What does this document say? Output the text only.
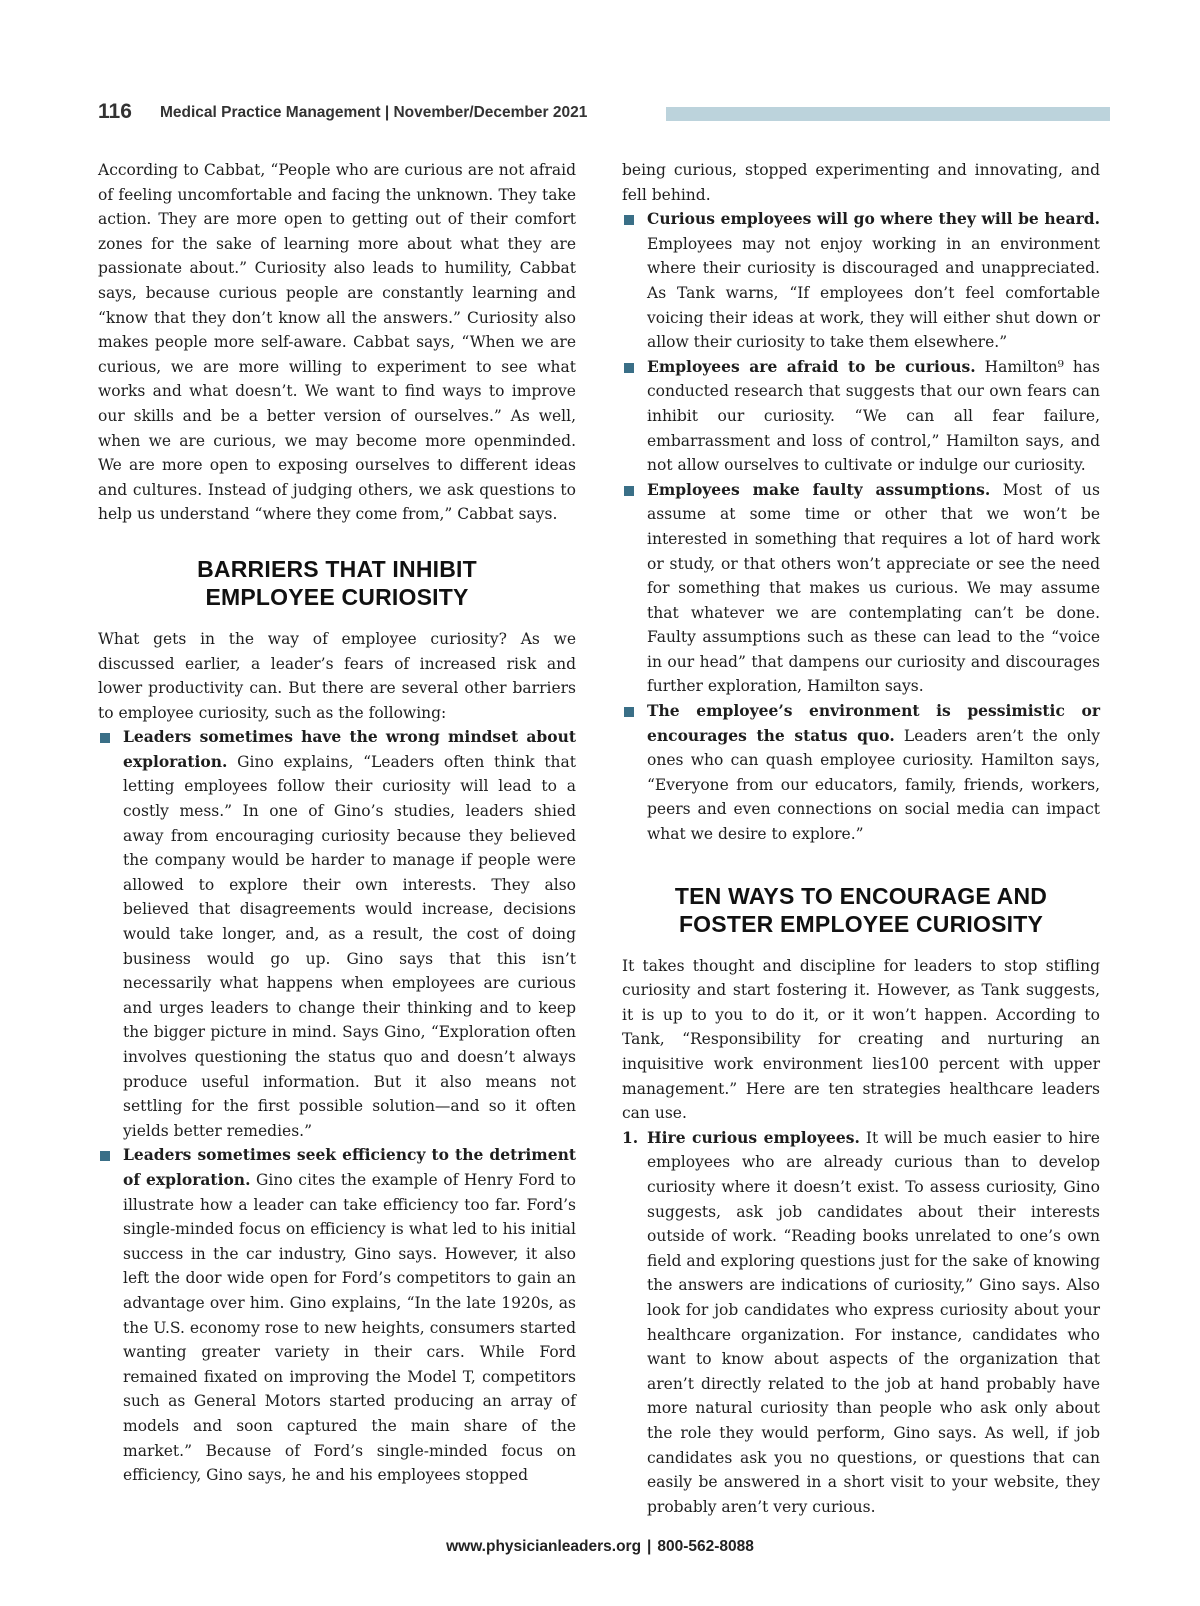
116 Medical Practice Management | November/December 2021

According to Cabbat, “People who are curious are not afraid of feeling uncomfortable and facing the unknown. They take action. They are more open to getting out of their comfort zones for the sake of learning more about what they are passionate about.” Curiosity also leads to humility, Cabbat says, because curious people are constantly learning and “know that they don’t know all the answers.” Curiosity also makes people more self-aware. Cabbat says, “When we are curious, we are more willing to experiment to see what works and what doesn’t. We want to find ways to improve our skills and be a better version of ourselves.” As well, when we are curious, we may become more openminded. We are more open to exposing ourselves to different ideas and cultures. Instead of judging others, we ask questions to help us understand “where they come from,” Cabbat says.

BARRIERS THAT INHIBIT
EMPLOYEE CURIOSITY

What gets in the way of employee curiosity? As we discussed earlier, a leader’s fears of increased risk and lower productivity can. But there are several other barriers to employee curiosity, such as the following:

Leaders sometimes have the wrong mindset about exploration. Gino explains, “Leaders often think that letting employees follow their curiosity will lead to a costly mess.” In one of Gino’s studies, leaders shied away from encouraging curiosity because they believed the company would be harder to manage if people were allowed to explore their own interests. They also believed that disagreements would increase, decisions would take longer, and, as a result, the cost of doing business would go up. Gino says that this isn’t necessarily what happens when employees are curious and urges leaders to change their thinking and to keep the bigger picture in mind. Says Gino, “Exploration often involves questioning the status quo and doesn’t always produce useful information. But it also means not settling for the first possible solution—and so it often yields better remedies.”
Leaders sometimes seek efficiency to the detriment of exploration. Gino cites the example of Henry Ford to illustrate how a leader can take efficiency too far. Ford’s single-minded focus on efficiency is what led to his initial success in the car industry, Gino says. However, it also left the door wide open for Ford’s competitors to gain an advantage over him. Gino explains, “In the late 1920s, as the U.S. economy rose to new heights, consumers started wanting greater variety in their cars. While Ford remained fixated on improving the Model T, competitors such as General Motors started producing an array of models and soon captured the main share of the market.” Because of Ford’s single-minded focus on efficiency, Gino says, he and his employees stopped

being curious, stopped experimenting and innovating, and fell behind.

Curious employees will go where they will be heard. Employees may not enjoy working in an environment where their curiosity is discouraged and unappreciated. As Tank warns, “If employees don’t feel comfortable voicing their ideas at work, they will either shut down or allow their curiosity to take them elsewhere.”
Employees are afraid to be curious. Hamilton⁹ has conducted research that suggests that our own fears can inhibit our curiosity. “We can all fear failure, embarrassment and loss of control,” Hamilton says, and not allow ourselves to cultivate or indulge our curiosity.
Employees make faulty assumptions. Most of us assume at some time or other that we won’t be interested in something that requires a lot of hard work or study, or that others won’t appreciate or see the need for something that makes us curious. We may assume that whatever we are contemplating can’t be done. Faulty assumptions such as these can lead to the “voice in our head” that dampens our curiosity and discourages further exploration, Hamilton says.
The employee’s environment is pessimistic or encourages the status quo. Leaders aren’t the only ones who can quash employee curiosity. Hamilton says, “Everyone from our educators, family, friends, workers, peers and even connections on social media can impact what we desire to explore.”
TEN WAYS TO ENCOURAGE AND
FOSTER EMPLOYEE CURIOSITY

It takes thought and discipline for leaders to stop stifling curiosity and start fostering it. However, as Tank suggests, it is up to you to do it, or it won’t happen. According to Tank, “Responsibility for creating and nurturing an inquisitive work environment lies100 percent with upper management.” Here are ten strategies healthcare leaders can use.

1. Hire curious employees. It will be much easier to hire employees who are already curious than to develop curiosity where it doesn’t exist. To assess curiosity, Gino suggests, ask job candidates about their interests outside of work. “Reading books unrelated to one’s own field and exploring questions just for the sake of knowing the answers are indications of curiosity,” Gino says. Also look for job candidates who express curiosity about your healthcare organization. For instance, candidates who want to know about aspects of the organization that aren’t directly related to the job at hand probably have more natural curiosity than people who ask only about the role they would perform, Gino says. As well, if job candidates ask you no questions, or questions that can easily be answered in a short visit to your website, they probably aren’t very curious.
www.physicianleaders.org | 800-562-8088
